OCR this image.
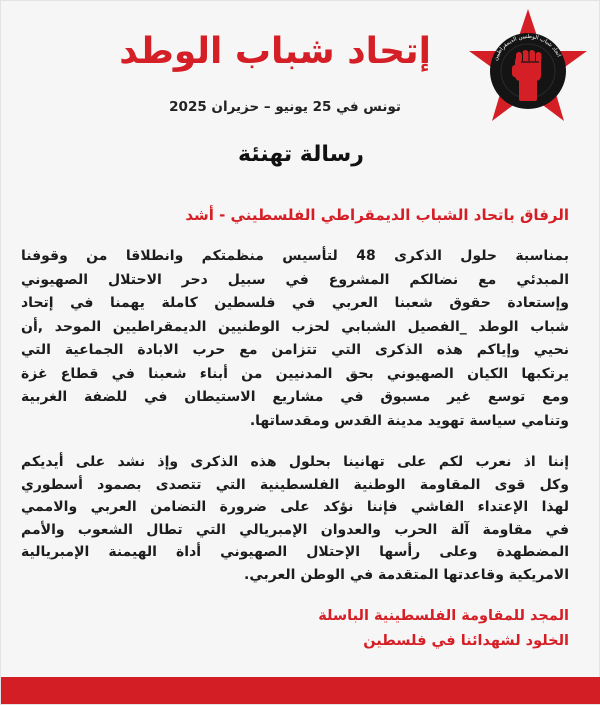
اتحاد شباب الوطنيين الديمقراطيين
إتحاد شباب الوطد
تونس في 25 يونيو – حزيران 2025
رسالة تهنئة
الرفاق باتحاد الشباب الديمقراطي الفلسطيني - أشد
بمناسبة حلول الذكرى 48 لتأسيس منظمتكم وانطلاقا من وقوفنا
المبدئي مع نضالكم المشروع في سبيل دحر الاحتلال الصهيوني
وإستعادة حقوق شعبنا العربي في فلسطين كاملة يهمنا في إتحاد
شباب الوطد _الفصيل الشبابي لحزب الوطنيين الديمقراطيين الموحد ,أن
نحيي وإياكم هذه الذكرى التي تتزامن مع حرب الابادة الجماعية التي
يرتكبها الكيان الصهيوني بحق المدنيين من أبناء شعبنا في قطاع غزة
ومع توسع غير مسبوق في مشاريع الاستيطان في للضفة الغربية
وتنامي سياسة تهويد مدينة القدس ومقدساتها.
إننا اذ نعرب لكم على تهانينا بحلول هذه الذكرى وإذ نشد على أيديكم
وكل قوى المقاومة الوطنية الفلسطينية التي تتصدى بصمود أسطوري
لهذا الإعتداء الفاشي فإننا نؤكد على ضرورة التضامن العربي والاممي
في مقاومة آلة الحرب والعدوان الإمبريالي التي تطال الشعوب والأمم
المضطهدة وعلى رأسها الإحتلال الصهيوني أداة الهيمنة الإمبريالية
الامريكية وقاعدتها المتقدمة في الوطن العربي.
المجد للمقاومة الفلسطينية الباسلة
الخلود لشهدائنا في فلسطين
